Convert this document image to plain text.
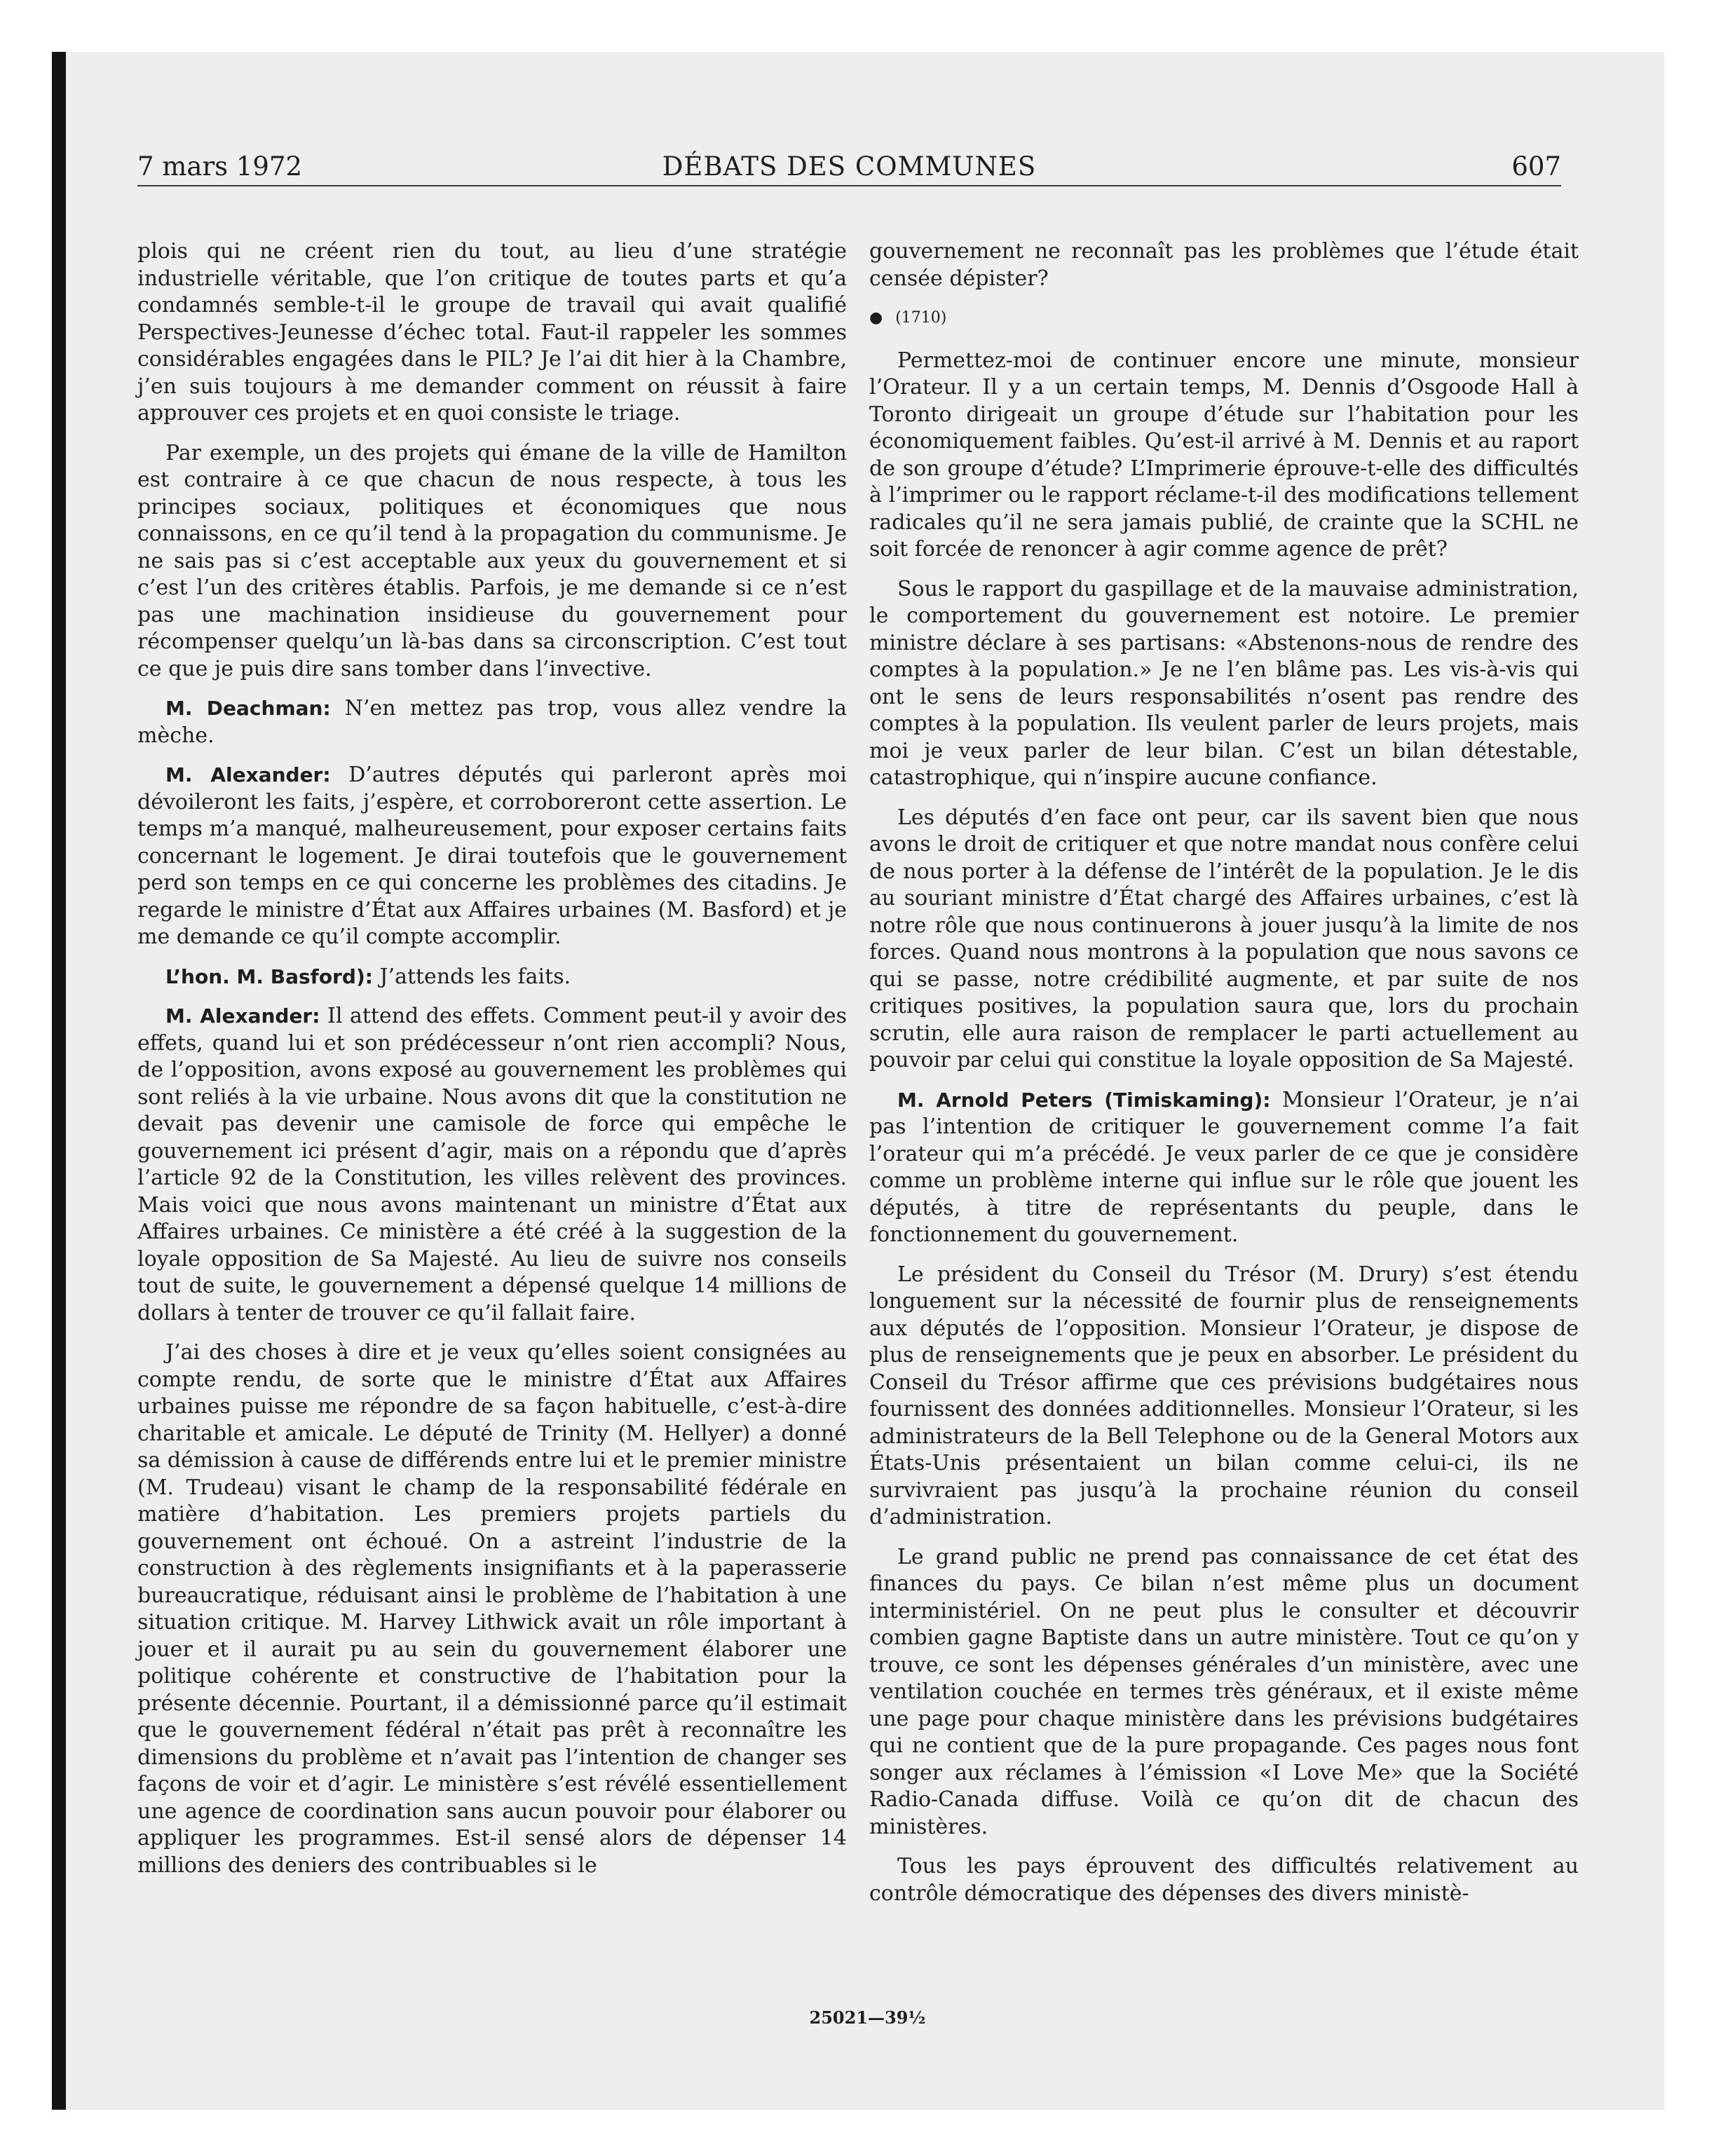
7 mars 1972	DÉBATS DES COMMUNES	607

plois qui ne créent rien du tout, au lieu d’une stratégie industrielle véritable, que l’on critique de toutes parts et qu’a condamnés semble-t-il le groupe de travail qui avait qualifié Perspectives-Jeunesse d’échec total. Faut-il rappeler les sommes considérables engagées dans le PIL? Je l’ai dit hier à la Chambre, j’en suis toujours à me demander comment on réussit à faire approuver ces projets et en quoi consiste le triage.

Par exemple, un des projets qui émane de la ville de Hamilton est contraire à ce que chacun de nous respecte, à tous les principes sociaux, politiques et économiques que nous connaissons, en ce qu’il tend à la propagation du communisme. Je ne sais pas si c’est acceptable aux yeux du gouvernement et si c’est l’un des critères établis. Parfois, je me demande si ce n’est pas une machination insidieuse du gouvernement pour récompenser quelqu’un là-bas dans sa circonscription. C’est tout ce que je puis dire sans tomber dans l’invective.

M. Deachman: N’en mettez pas trop, vous allez vendre la mèche.

M. Alexander: D’autres députés qui parleront après moi dévoileront les faits, j’espère, et corroboreront cette assertion. Le temps m’a manqué, malheureusement, pour exposer certains faits concernant le logement. Je dirai toutefois que le gouvernement perd son temps en ce qui concerne les problèmes des citadins. Je regarde le ministre d’État aux Affaires urbaines (M. Basford) et je me demande ce qu’il compte accomplir.

L’hon. M. Basford): J’attends les faits.

M. Alexander: Il attend des effets. Comment peut-il y avoir des effets, quand lui et son prédécesseur n’ont rien accompli? Nous, de l’opposition, avons exposé au gouvernement les problèmes qui sont reliés à la vie urbaine. Nous avons dit que la constitution ne devait pas devenir une camisole de force qui empêche le gouvernement ici présent d’agir, mais on a répondu que d’après l’article 92 de la Constitution, les villes relèvent des provinces. Mais voici que nous avons maintenant un ministre d’État aux Affaires urbaines. Ce ministère a été créé à la suggestion de la loyale opposition de Sa Majesté. Au lieu de suivre nos conseils tout de suite, le gouvernement a dépensé quelque 14 millions de dollars à tenter de trouver ce qu’il fallait faire.

J’ai des choses à dire et je veux qu’elles soient consignées au compte rendu, de sorte que le ministre d’État aux Affaires urbaines puisse me répondre de sa façon habituelle, c’est-à-dire charitable et amicale. Le député de Trinity (M. Hellyer) a donné sa démission à cause de différends entre lui et le premier ministre (M. Trudeau) visant le champ de la responsabilité fédérale en matière d’habitation. Les premiers projets partiels du gouvernement ont échoué. On a astreint l’industrie de la construction à des règlements insignifiants et à la paperasserie bureaucratique, réduisant ainsi le problème de l’habitation à une situation critique. M. Harvey Lithwick avait un rôle important à jouer et il aurait pu au sein du gouvernement élaborer une politique cohérente et constructive de l’habitation pour la présente décennie. Pourtant, il a démissionné parce qu’il estimait que le gouvernement fédéral n’était pas prêt à reconnaître les dimensions du problème et n’avait pas l’intention de changer ses façons de voir et d’agir. Le ministère s’est révélé essentiellement une agence de coordination sans aucun pouvoir pour élaborer ou appliquer les programmes. Est-il sensé alors de dépenser 14 millions des deniers des contribuables si le

gouvernement ne reconnaît pas les problèmes que l’étude était censée dépister?

● (1710)

Permettez-moi de continuer encore une minute, monsieur l’Orateur. Il y a un certain temps, M. Dennis d’Osgoode Hall à Toronto dirigeait un groupe d’étude sur l’habitation pour les économiquement faibles. Qu’est-il arrivé à M. Dennis et au raport de son groupe d’étude? L’Imprimerie éprouve-t-elle des difficultés à l’imprimer ou le rapport réclame-t-il des modifications tellement radicales qu’il ne sera jamais publié, de crainte que la SCHL ne soit forcée de renoncer à agir comme agence de prêt?

Sous le rapport du gaspillage et de la mauvaise administration, le comportement du gouvernement est notoire. Le premier ministre déclare à ses partisans: «Abstenons-nous de rendre des comptes à la population.» Je ne l’en blâme pas. Les vis-à-vis qui ont le sens de leurs responsabilités n’osent pas rendre des comptes à la population. Ils veulent parler de leurs projets, mais moi je veux parler de leur bilan. C’est un bilan détestable, catastrophique, qui n’inspire aucune confiance.

Les députés d’en face ont peur, car ils savent bien que nous avons le droit de critiquer et que notre mandat nous confère celui de nous porter à la défense de l’intérêt de la population. Je le dis au souriant ministre d’État chargé des Affaires urbaines, c’est là notre rôle que nous continuerons à jouer jusqu’à la limite de nos forces. Quand nous montrons à la population que nous savons ce qui se passe, notre crédibilité augmente, et par suite de nos critiques positives, la population saura que, lors du prochain scrutin, elle aura raison de remplacer le parti actuellement au pouvoir par celui qui constitue la loyale opposition de Sa Majesté.

M. Arnold Peters (Timiskaming): Monsieur l’Orateur, je n’ai pas l’intention de critiquer le gouvernement comme l’a fait l’orateur qui m’a précédé. Je veux parler de ce que je considère comme un problème interne qui influe sur le rôle que jouent les députés, à titre de représentants du peuple, dans le fonctionnement du gouvernement.

Le président du Conseil du Trésor (M. Drury) s’est étendu longuement sur la nécessité de fournir plus de renseignements aux députés de l’opposition. Monsieur l’Orateur, je dispose de plus de renseignements que je peux en absorber. Le président du Conseil du Trésor affirme que ces prévisions budgétaires nous fournissent des données additionnelles. Monsieur l’Orateur, si les administrateurs de la Bell Telephone ou de la General Motors aux États-Unis présentaient un bilan comme celui-ci, ils ne survivraient pas jusqu’à la prochaine réunion du conseil d’administration.

Le grand public ne prend pas connaissance de cet état des finances du pays. Ce bilan n’est même plus un document interministériel. On ne peut plus le consulter et découvrir combien gagne Baptiste dans un autre ministère. Tout ce qu’on y trouve, ce sont les dépenses générales d’un ministère, avec une ventilation couchée en termes très généraux, et il existe même une page pour chaque ministère dans les prévisions budgétaires qui ne contient que de la pure propagande. Ces pages nous font songer aux réclames à l’émission «I Love Me» que la Société Radio-Canada diffuse. Voilà ce qu’on dit de chacun des ministères.

Tous les pays éprouvent des difficultés relativement au contrôle démocratique des dépenses des divers ministè-

25021—39½
